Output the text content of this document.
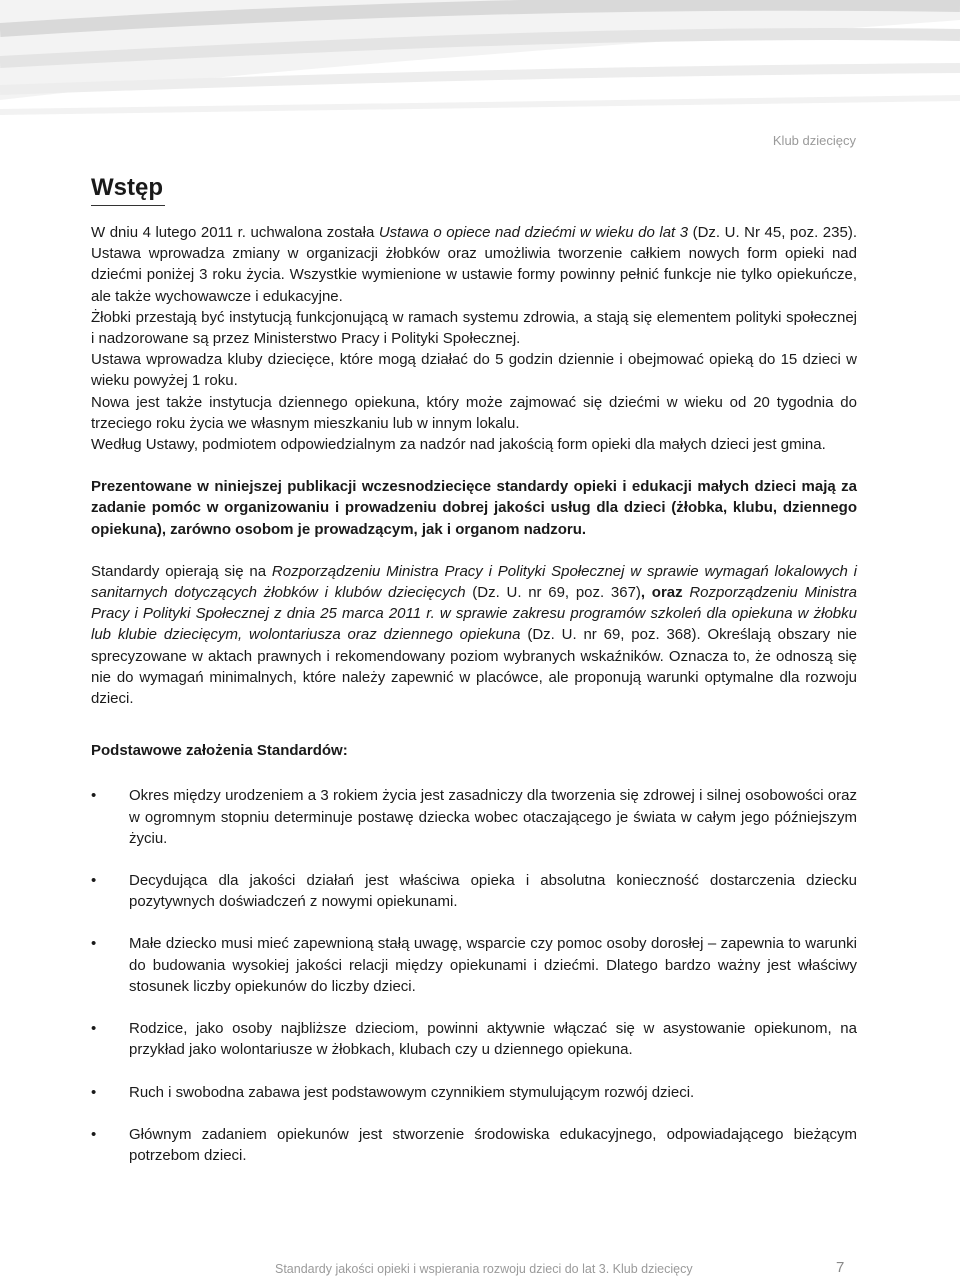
Klub dziecięcy
Wstęp

W dniu 4 lutego 2011 r. uchwalona została Ustawa o opiece nad dziećmi w wieku do lat 3 (Dz. U. Nr 45, poz. 235). Ustawa wprowadza zmiany w organizacji żłobków oraz umożliwia tworzenie całkiem nowych form opieki nad dziećmi poniżej 3 roku życia. Wszystkie wymienione w ustawie formy powinny pełnić funkcje nie tylko opiekuńcze, ale także wychowawcze i edukacyjne.

Żłobki przestają być instytucją funkcjonującą w ramach systemu zdrowia, a stają się elementem polityki społecznej i nadzorowane są przez Ministerstwo Pracy i Polityki Społecznej.

Ustawa wprowadza kluby dziecięce, które mogą działać do 5 godzin dziennie i obejmować opieką do 15 dzieci w wieku powyżej 1 roku.

Nowa jest także instytucja dziennego opiekuna, który może zajmować się dziećmi w wieku od 20 tygodnia do trzeciego roku życia we własnym mieszkaniu lub w innym lokalu.

Według Ustawy, podmiotem odpowiedzialnym za nadzór nad jakością form opieki dla małych dzieci jest gmina.

Prezentowane w niniejszej publikacji wczesnodziecięce standardy opieki i edukacji małych dzieci mają za zadanie pomóc w organizowaniu i prowadzeniu dobrej jakości usług dla dzieci (żłobka, klubu, dziennego opiekuna), zarówno osobom je prowadzącym, jak i organom nadzoru.

Standardy opierają się na Rozporządzeniu Ministra Pracy i Polityki Społecznej w sprawie wymagań lokalowych i sanitarnych dotyczących żłobków i klubów dziecięcych (Dz. U. nr 69, poz. 367), oraz Rozporządzeniu Ministra Pracy i Polityki Społecznej z dnia 25 marca 2011 r. w sprawie zakresu programów szkoleń dla opiekuna w żłobku lub klubie dziecięcym, wolontariusza oraz dziennego opiekuna (Dz. U. nr 69, poz. 368). Określają obszary nie sprecyzowane w aktach prawnych i rekomendowany poziom wybranych wskaźników. Oznacza to, że odnoszą się nie do wymagań minimalnych, które należy zapewnić w placówce, ale proponują warunki optymalne dla rozwoju dzieci.

Podstawowe założenia Standardów:

• Okres między urodzeniem a 3 rokiem życia jest zasadniczy dla tworzenia się zdrowej i silnej osobowości oraz w ogromnym stopniu determinuje postawę dziecka wobec otaczającego je świata w całym jego późniejszym życiu.
• Decydująca dla jakości działań jest właściwa opieka i absolutna konieczność dostarczenia dziecku pozytywnych doświadczeń z nowymi opiekunami.
• Małe dziecko musi mieć zapewnioną stałą uwagę, wsparcie czy pomoc osoby dorosłej – zapewnia to warunki do budowania wysokiej jakości relacji między opiekunami i dziećmi. Dlatego bardzo ważny jest właściwy stosunek liczby opiekunów do liczby dzieci.
• Rodzice, jako osoby najbliższe dzieciom, powinni aktywnie włączać się w asystowanie opiekunom, na przykład jako wolontariusze w żłobkach, klubach czy u dziennego opiekuna.
• Ruch i swobodna zabawa jest podstawowym czynnikiem stymulującym rozwój dzieci.
• Głównym zadaniem opiekunów jest stworzenie środowiska edukacyjnego, odpowiadającego bieżącym potrzebom dzieci.
Standardy jakości opieki i wspierania rozwoju dzieci do lat 3. Klub dziecięcy	7
